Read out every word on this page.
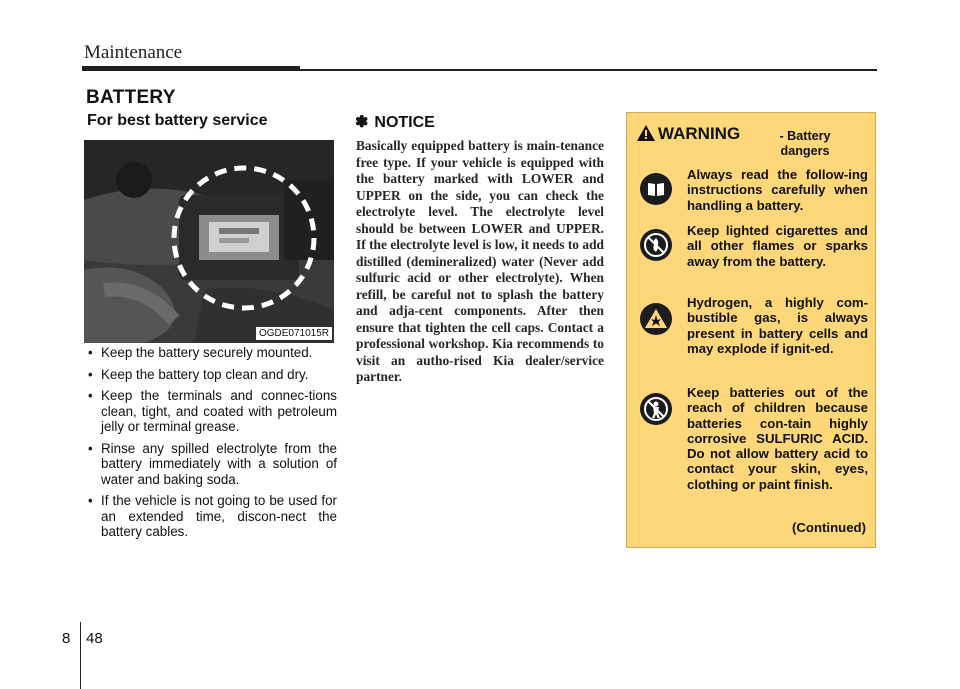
Maintenance
BATTERY
For best battery service
OGDE071015R
• Keep the battery securely mounted.
• Keep the battery top clean and dry.
• Keep the terminals and connec-tions clean, tight, and coated with petroleum jelly or terminal grease.
• Rinse any spilled electrolyte from the battery immediately with a solution of water and baking soda.
• If the vehicle is not going to be used for an extended time, discon-nect the battery cables.
✽ NOTICE
Basically equipped battery is main-tenance free type. If your vehicle is equipped with the battery marked with LOWER and UPPER on the side, you can check the electrolyte level. The electrolyte level should be between LOWER and UPPER. If the electrolyte level is low, it needs to add distilled (demineralized) water (Never add sulfuric acid or other electrolyte). When refill, be careful not to splash the battery and adja-cent components. After then ensure that tighten the cell caps. Contact a professional workshop. Kia recommends to visit an autho-rised Kia dealer/service partner.
WARNING	- Battery dangers
Always read the follow-ing instructions carefully when handling a battery.
Keep lighted cigarettes and all other flames or sparks away from the battery.
Hydrogen, a highly com-bustible gas, is always present in battery cells and may explode if ignit-ed.
Keep batteries out of the reach of children because batteries con-tain highly corrosive SULFURIC ACID. Do not allow battery acid to contact your skin, eyes, clothing or paint finish.
(Continued)
8 48
